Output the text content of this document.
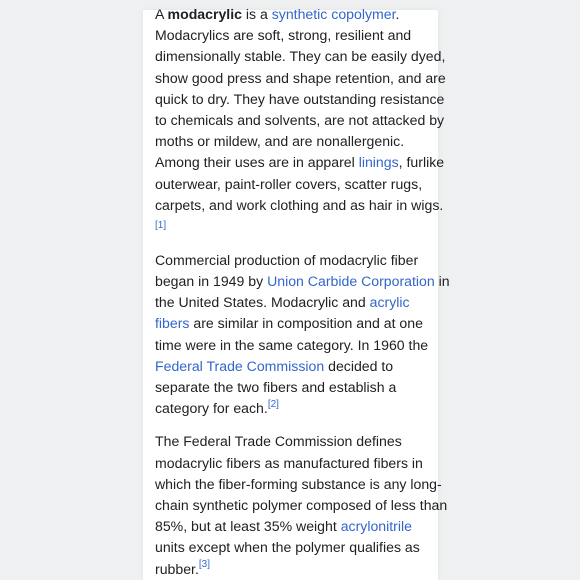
A modacrylic is a synthetic copolymer.
Modacrylics are soft, strong, resilient and
dimensionally stable. They can be easily dyed,
show good press and shape retention, and are
quick to dry. They have outstanding resistance
to chemicals and solvents, are not attacked by
moths or mildew, and are nonallergenic.
Among their uses are in apparel linings, furlike
outerwear, paint-roller covers, scatter rugs,
carpets, and work clothing and as hair in wigs.
[1]
Commercial production of modacrylic fiber
began in 1949 by Union Carbide Corporation in
the United States. Modacrylic and acrylic
fibers are similar in composition and at one
time were in the same category. In 1960 the
Federal Trade Commission decided to
separate the two fibers and establish a
category for each.[2]
The Federal Trade Commission defines
modacrylic fibers as manufactured fibers in
which the fiber-forming substance is any long-
chain synthetic polymer composed of less than
85%, but at least 35% weight acrylonitrile
units except when the polymer qualifies as
rubber.[3]
